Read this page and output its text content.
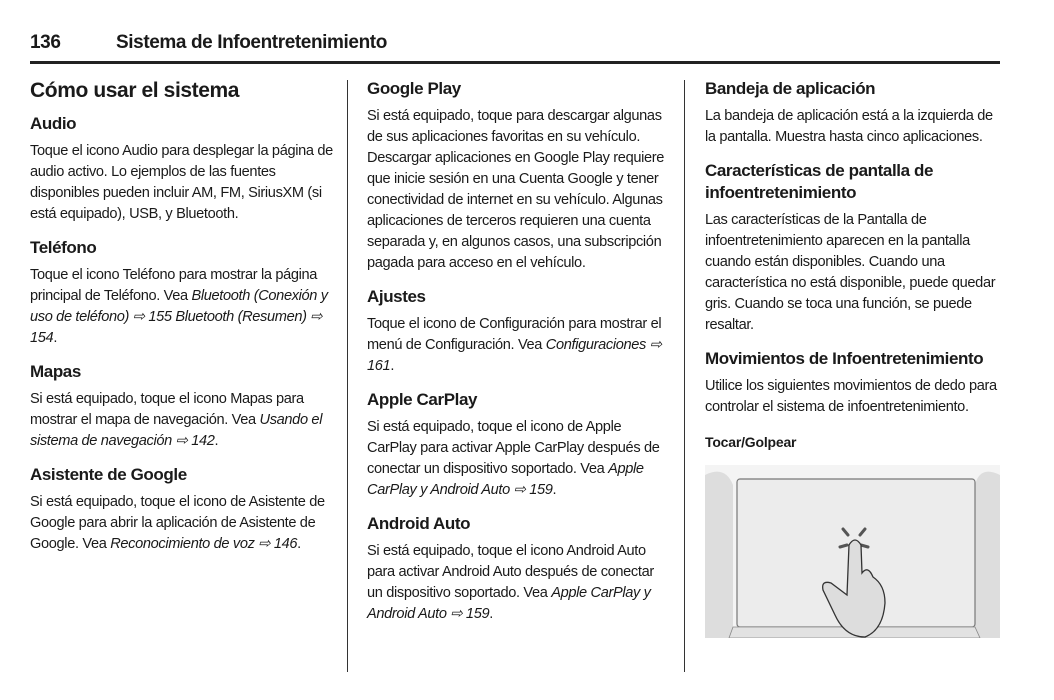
136	Sistema de Infoentretenimiento
Cómo usar el sistema
Audio

Toque el icono Audio para desplegar la página de audio activo. Lo ejemplos de las fuentes disponibles pueden incluir AM, FM, SiriusXM (si está equipado), USB, y Bluetooth.

Teléfono

Toque el icono Teléfono para mostrar la página principal de Teléfono. Vea Bluetooth (Conexión y uso de teléfono) ⇨ 155 Bluetooth (Resumen) ⇨ 154.

Mapas

Si está equipado, toque el icono Mapas para mostrar el mapa de navegación. Vea Usando el sistema de navegación ⇨ 142.

Asistente de Google

Si está equipado, toque el icono de Asistente de Google para abrir la aplicación de Asistente de Google. Vea Reconocimiento de voz ⇨ 146.

Google Play

Si está equipado, toque para descargar algunas de sus aplicaciones favoritas en su vehículo. Descargar aplicaciones en Google Play requiere que inicie sesión en una Cuenta Google y tener conectividad de internet en su vehículo. Algunas aplicaciones de terceros requieren una cuenta separada y, en algunos casos, una subscripción pagada para acceso en el vehículo.

Ajustes

Toque el icono de Configuración para mostrar el menú de Configuración. Vea Configuraciones ⇨ 161.

Apple CarPlay

Si está equipado, toque el icono de Apple CarPlay para activar Apple CarPlay después de conectar un dispositivo soportado. Vea Apple CarPlay y Android Auto ⇨ 159.

Android Auto

Si está equipado, toque el icono Android Auto para activar Android Auto después de conectar un dispositivo soportado. Vea Apple CarPlay y Android Auto ⇨ 159.

Bandeja de aplicación

La bandeja de aplicación está a la izquierda de la pantalla. Muestra hasta cinco aplicaciones.

Características de pantalla de infoentretenimiento

Las características de la Pantalla de infoentretenimiento aparecen en la pantalla cuando están disponibles. Cuando una característica no está disponible, puede quedar gris. Cuando se toca una función, se puede resaltar.

Movimientos de Infoentretenimiento

Utilice los siguientes movimientos de dedo para controlar el sistema de infoentretenimiento.

Tocar/Golpear
